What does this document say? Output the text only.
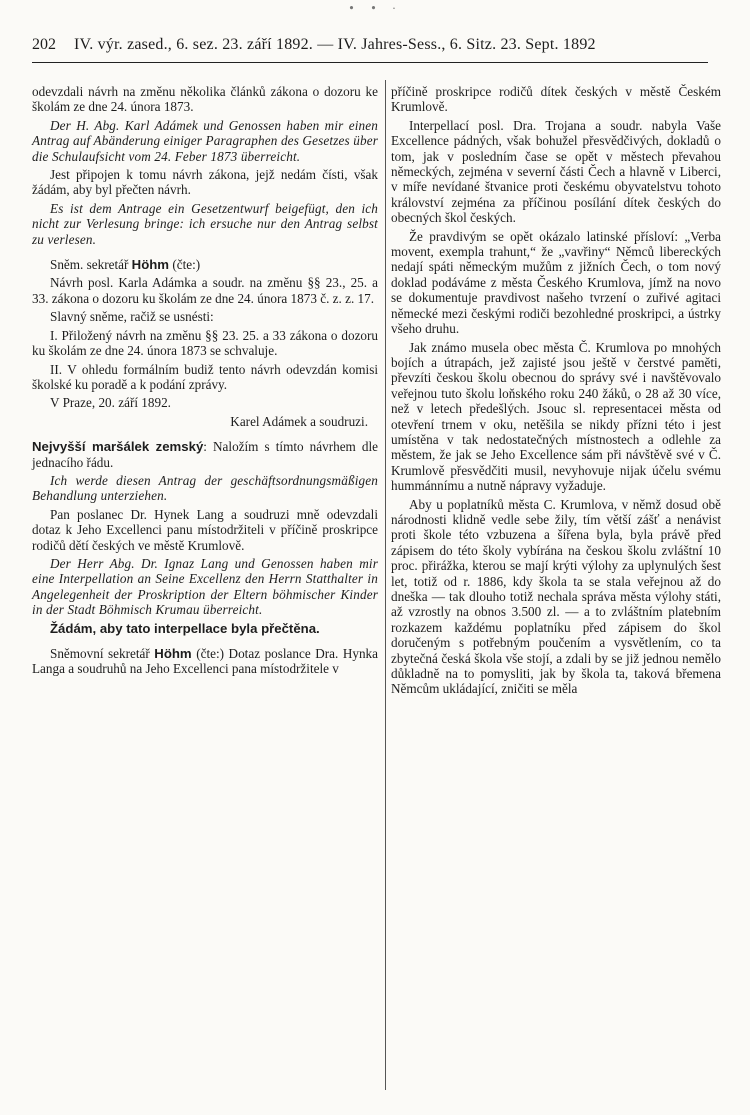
• • ·
202	IV. výr. zased., 6. sez. 23. září 1892. — IV. Jahres-Sess., 6. Sitz. 23. Sept. 1892

odevzdali návrh na změnu několika článků zákona o dozoru ke školám ze dne 24. února 1873.

Der H. Abg. Karl Adámek und Genossen haben mir einen Antrag auf Abänderung einiger Paragraphen des Gesetzes über die Schulaufsicht vom 24. Feber 1873 überreicht.

Jest připojen k tomu návrh zákona, jejž nedám čísti, však žádám, aby byl přečten návrh.

Es ist dem Antrage ein Gesetzentwurf beigefügt, den ich nicht zur Verlesung bringe: ich ersuche nur den Antrag selbst zu verlesen.

Sněm. sekretář Höhm (čte:)

Návrh posl. Karla Adámka a soudr. na změnu §§ 23., 25. a 33. zákona o dozoru ku školám ze dne 24. února 1873 č. z. z. 17.

Slavný sněme, račiž se usnésti:

I. Přiložený návrh na změnu §§ 23. 25. a 33 zákona o dozoru ku školám ze dne 24. února 1873 se schvaluje.

II. V ohledu formálním budiž tento návrh odevzdán komisi školské ku poradě a k podání zprávy.

V Praze, 20. září 1892.

Karel Adámek a soudruzi.

Nejvyšší maršálek zemský: Naložím s tímto návrhem dle jednacího řádu.

Ich werde diesen Antrag der geschäftsordnungsmäßigen Behandlung unterziehen.

Pan poslanec Dr. Hynek Lang a soudruzi mně odevzdali dotaz k Jeho Excellenci panu místodržiteli v příčině proskripce rodičů dětí českých ve městě Krumlově.

Der Herr Abg. Dr. Ignaz Lang und Genossen haben mir eine Interpellation an Seine Excellenz den Herrn Statthalter in Angelegenheit der Proskription der Eltern böhmischer Kinder in der Stadt Böhmisch Krumau überreicht.

Žádám, aby tato interpellace byla přečtěna.

Sněmovní sekretář Höhm (čte:) Dotaz poslance Dra. Hynka Langa a soudruhů na Jeho Excellenci pana místodržitele v

příčině proskripce rodičů dítek českých v městě Českém Krumlově.

Interpellací posl. Dra. Trojana a soudr. nabyla Vaše Excellence pádných, však bohužel přesvědčivých, dokladů o tom, jak v posledním čase se opět v městech převahou německých, zejména v severní části Čech a hlavně v Liberci, v míře nevídané štvanice proti českému obyvatelstvu tohoto království zejména za příčinou posílání dítek českých do obecných škol českých.

Že pravdivým se opět okázalo latinské přísloví: „Verba movent, exempla trahunt,“ že „vavřiny“ Němců libereckých nedají spáti německým mužům z jižních Čech, o tom nový doklad podáváme z města Českého Krumlova, jímž na novo se dokumentuje pravdivost našeho tvrzení o zuřivé agitaci německé mezi českými rodiči bezohledné proskripci, a ústrky všeho druhu.

Jak známo musela obec města Č. Krumlova po mnohých bojích a útrapách, jež zajisté jsou ještě v čerstvé paměti, převzíti českou školu obecnou do správy své i navštěvovalo veřejnou tuto školu loňského roku 240 žáků, o 28 až 30 více, než v letech předešlých. Jsouc sl. representacei města od otevření trnem v oku, netěšila se nikdy přízni této i jest umístěna v tak nedostatečných místnostech a odlehle za městem, že jak se Jeho Excellence sám při návštěvě své v Č. Krumlově přesvědčiti musil, nevyhovuje nijak účelu svému hummánnímu a nutně nápravy vyžaduje.

Aby u poplatníků města C. Krumlova, v němž dosud obě národnosti klidně vedle sebe žily, tím větší zášť a nenávist proti škole této vzbuzena a šířena byla, byla právě před zápisem do této školy vybírána na českou školu zvláštní 10 proc. přirážka, kterou se mají krýti výlohy za uplynulých šest let, totiž od r. 1886, kdy škola ta se stala veřejnou až do dneška — tak dlouho totiž nechala správa města výlohy státi, až vzrostly na obnos 3.500 zl. — a to zvláštním platebním rozkazem každému poplatníku před zápisem do škol doručeným s potřebným poučením a vysvětlením, co ta zbytečná česká škola vše stojí, a zdali by se již jednou nemělo důkladně na to pomysliti, jak by škola ta, taková břemena Němcům ukládající, zničiti se měla
